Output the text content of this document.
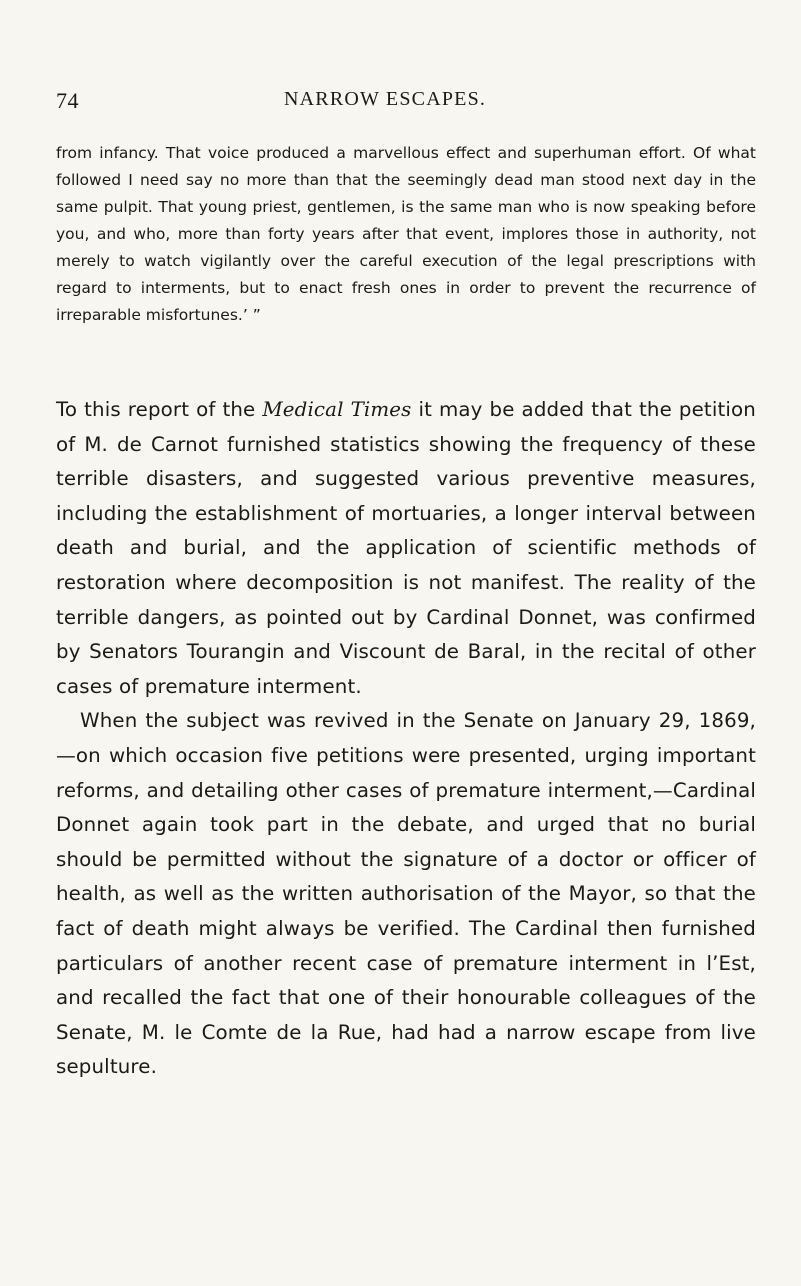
74	NARROW ESCAPES.

from infancy. That voice produced a marvellous effect and superhuman effort. Of what followed I need say no more than that the seemingly dead man stood next day in the same pulpit. That young priest, gentlemen, is the same man who is now speaking before you, and who, more than forty years after that event, implores those in authority, not merely to watch vigilantly over the careful execution of the legal prescriptions with regard to interments, but to enact fresh ones in order to prevent the recurrence of irreparable misfortunes.’ ”

To this report of the Medical Times it may be added that the petition of M. de Carnot furnished statistics showing the frequency of these terrible disasters, and suggested various preventive measures, including the establishment of mortuaries, a longer interval between death and burial, and the application of scientific methods of restoration where decomposition is not manifest. The reality of the terrible dangers, as pointed out by Cardinal Donnet, was confirmed by Senators Tourangin and Viscount de Baral, in the recital of other cases of premature interment.

When the subject was revived in the Senate on January 29, 1869,—on which occasion five petitions were presented, urging important reforms, and detailing other cases of premature interment,—Cardinal Donnet again took part in the debate, and urged that no burial should be permitted without the signature of a doctor or officer of health, as well as the written authorisation of the Mayor, so that the fact of death might always be verified. The Cardinal then furnished particulars of another recent case of premature interment in l’Est, and recalled the fact that one of their honourable colleagues of the Senate, M. le Comte de la Rue, had had a narrow escape from live sepulture.
